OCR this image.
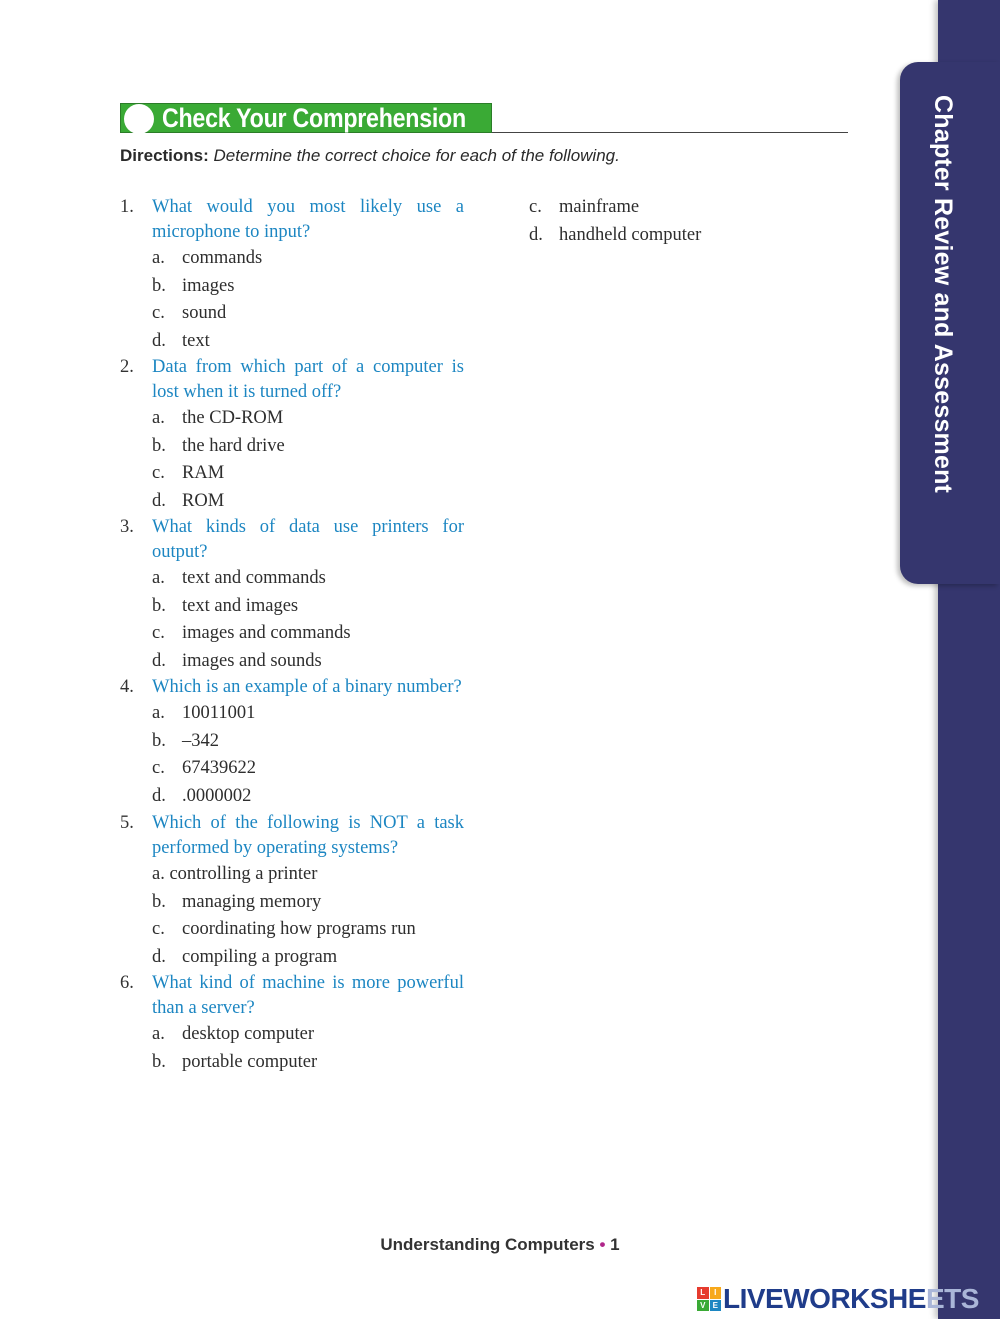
Chapter Review and Assessment
Check Your Comprehension
Directions: Determine the correct choice for each of the following.
1. What would you most likely use a microphone to input?
a. commands
b. images
c. sound
d. text
2. Data from which part of a computer is lost when it is turned off?
a. the CD-ROM
b. the hard drive
c. RAM
d. ROM
3. What kinds of data use printers for output?
a. text and commands
b. text and images
c. images and commands
d. images and sounds
4. Which is an example of a binary number?
a. 10011001
b. –342
c. 67439622
d. .0000002
5. Which of the following is NOT a task performed by operating systems?
a. controlling a printer
b. managing memory
c. coordinating how programs run
d. compiling a program
6. What kind of machine is more powerful than a server?
a. desktop computer
b. portable computer
c. mainframe
d. handheld computer
Understanding Computers • 1
L	I
V E LIVEWORKSHE ETS
